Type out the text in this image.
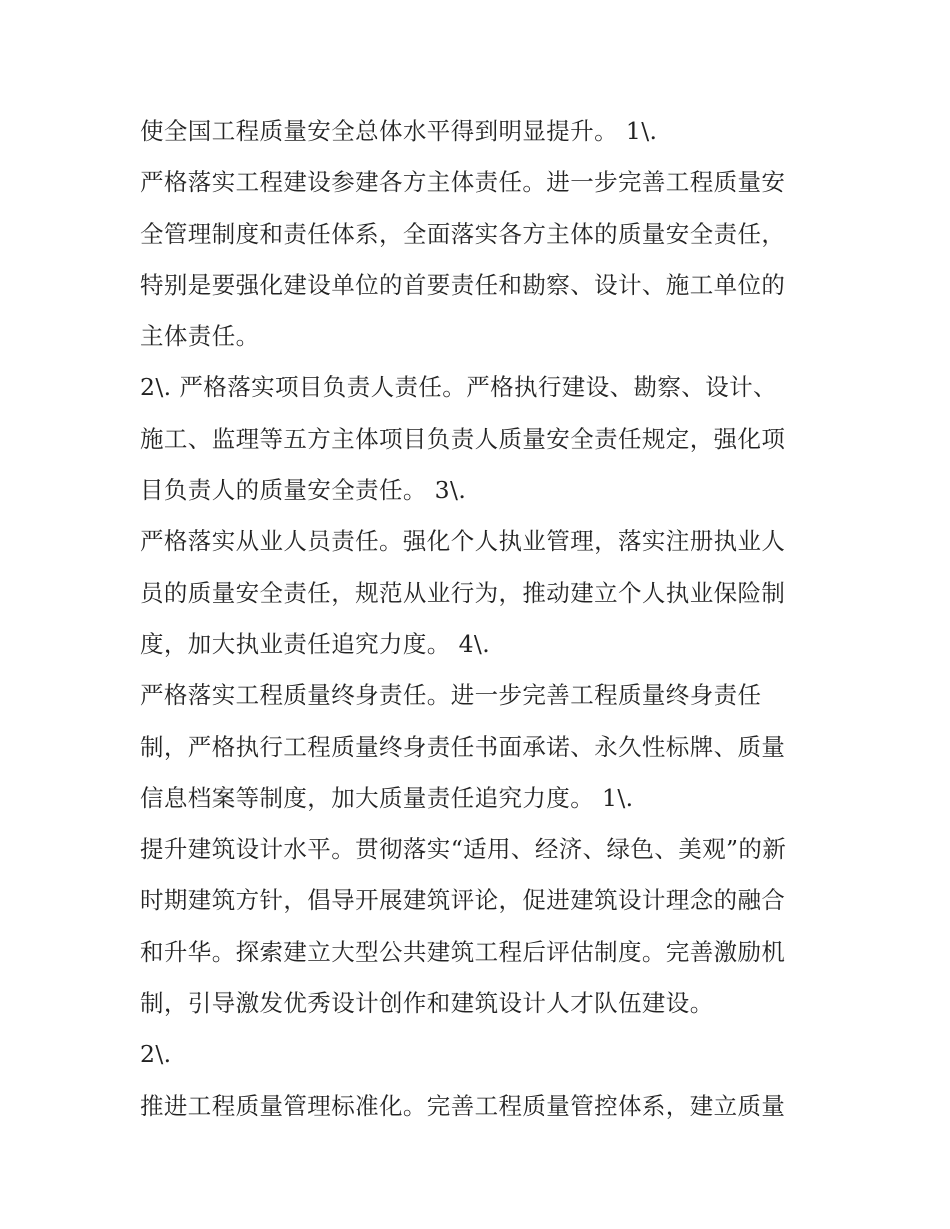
使全国工程质量安全总体水平得到明显提升。 1\.
严格落实工程建设参建各方主体责任。进一步完善工程质量安
全管理制度和责任体系，全面落实各方主体的质量安全责任，
特别是要强化建设单位的首要责任和勘察、设计、施工单位的
主体责任。
2\. 严格落实项目负责人责任。严格执行建设、勘察、设计、
施工、监理等五方主体项目负责人质量安全责任规定，强化项
目负责人的质量安全责任。 3\.
严格落实从业人员责任。强化个人执业管理，落实注册执业人
员的质量安全责任，规范从业行为，推动建立个人执业保险制
度，加大执业责任追究力度。 4\.
严格落实工程质量终身责任。进一步完善工程质量终身责任
制，严格执行工程质量终身责任书面承诺、永久性标牌、质量
信息档案等制度，加大质量责任追究力度。 1\.
提升建筑设计水平。贯彻落实“适用、经济、绿色、美观”的新
时期建筑方针，倡导开展建筑评论，促进建筑设计理念的融合
和升华。探索建立大型公共建筑工程后评估制度。完善激励机
制，引导激发优秀设计创作和建筑设计人才队伍建设。
2\.
推进工程质量管理标准化。完善工程质量管控体系，建立质量
